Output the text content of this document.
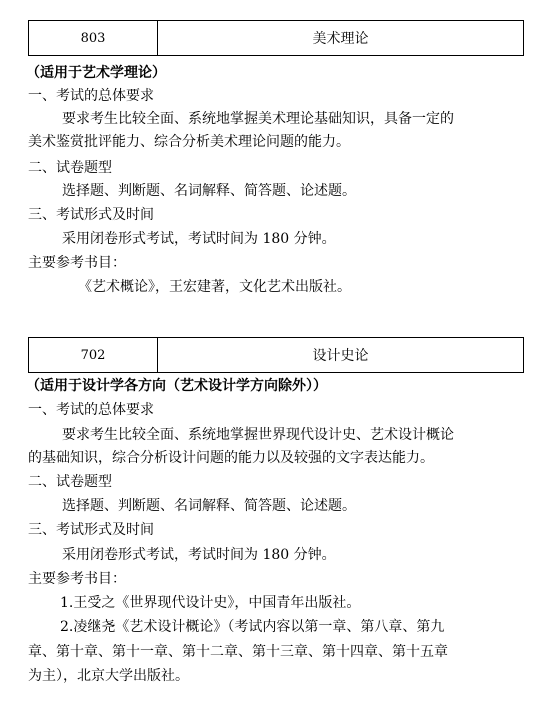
803	美术理论
（适用于艺术学理论）
一、考试的总体要求
要求考生比较全面、系统地掌握美术理论基础知识，具备一定的
美术鉴赏批评能力、综合分析美术理论问题的能力。
二、试卷题型
选择题、判断题、名词解释、简答题、论述题。
三、考试形式及时间
采用闭卷形式考试，考试时间为 180 分钟。
主要参考书目：
《艺术概论》，王宏建著，文化艺术出版社。
702	设计史论
（适用于设计学各方向（艺术设计学方向除外））
一、考试的总体要求
要求考生比较全面、系统地掌握世界现代设计史、艺术设计概论
的基础知识，综合分析设计问题的能力以及较强的文字表达能力。
二、试卷题型
选择题、判断题、名词解释、简答题、论述题。
三、考试形式及时间
采用闭卷形式考试，考试时间为 180 分钟。
主要参考书目：
1.王受之《世界现代设计史》，中国青年出版社。
2.凌继尧《艺术设计概论》（考试内容以第一章、第八章、第九
章、第十章、第十一章、第十二章、第十三章、第十四章、第十五章
为主），北京大学出版社。
